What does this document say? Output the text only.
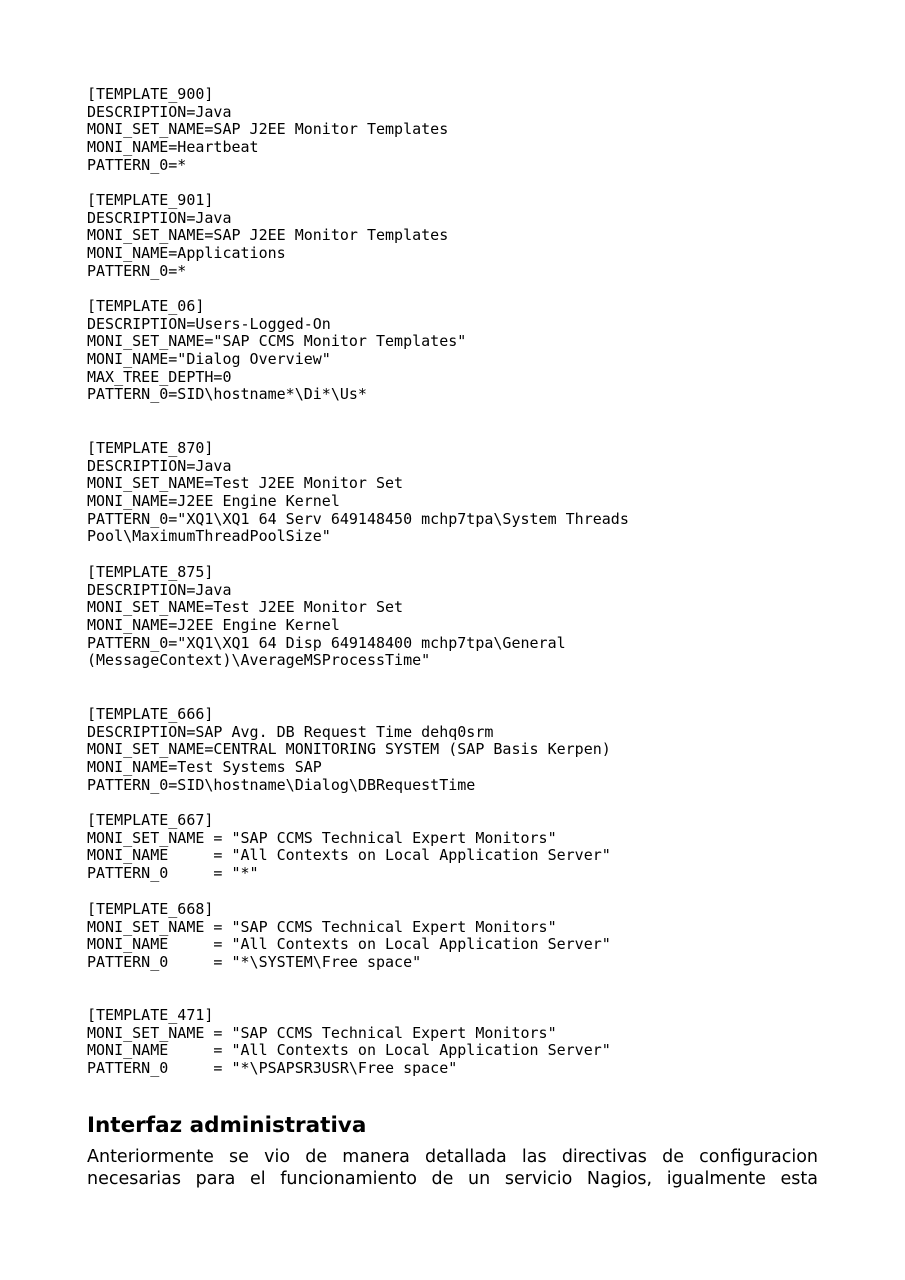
[TEMPLATE_900]
DESCRIPTION=Java
MONI_SET_NAME=SAP J2EE Monitor Templates
MONI_NAME=Heartbeat
PATTERN_0=*
[TEMPLATE_901]
DESCRIPTION=Java
MONI_SET_NAME=SAP J2EE Monitor Templates
MONI_NAME=Applications
PATTERN_0=*
[TEMPLATE_06]
DESCRIPTION=Users-Logged-On
MONI_SET_NAME="SAP CCMS Monitor Templates"
MONI_NAME="Dialog Overview"
MAX_TREE_DEPTH=0
PATTERN_0=SID\hostname*\Di*\Us*
[TEMPLATE_870]
DESCRIPTION=Java
MONI_SET_NAME=Test J2EE Monitor Set
MONI_NAME=J2EE Engine Kernel
PATTERN_0="XQ1\XQ1 64 Serv 649148450 mchp7tpa\System Threads
Pool\MaximumThreadPoolSize"
[TEMPLATE_875]
DESCRIPTION=Java
MONI_SET_NAME=Test J2EE Monitor Set
MONI_NAME=J2EE Engine Kernel
PATTERN_0="XQ1\XQ1 64 Disp 649148400 mchp7tpa\General
(MessageContext)\AverageMSProcessTime"
[TEMPLATE_666]
DESCRIPTION=SAP Avg. DB Request Time dehq0srm
MONI_SET_NAME=CENTRAL MONITORING SYSTEM (SAP Basis Kerpen)
MONI_NAME=Test Systems SAP
PATTERN_0=SID\hostname\Dialog\DBRequestTime
[TEMPLATE_667]
MONI_SET_NAME = "SAP CCMS Technical Expert Monitors"
MONI_NAME     = "All Contexts on Local Application Server"
PATTERN_0     = "*"
[TEMPLATE_668]
MONI_SET_NAME = "SAP CCMS Technical Expert Monitors"
MONI_NAME     = "All Contexts on Local Application Server"
PATTERN_0     = "*\SYSTEM\Free space"
[TEMPLATE_471]
MONI_SET_NAME = "SAP CCMS Technical Expert Monitors"
MONI_NAME     = "All Contexts on Local Application Server"
PATTERN_0     = "*\PSAPSR3USR\Free space"
Interfaz administrativa

Anteriormente se vio de manera detallada las directivas de configuracion necesarias para el funcionamiento de un servicio Nagios, igualmente esta
